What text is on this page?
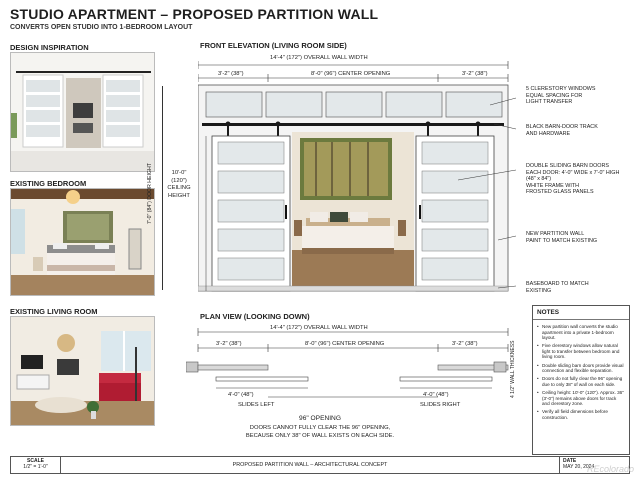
STUDIO APARTMENT – PROPOSED PARTITION WALL
CONVERTS OPEN STUDIO INTO 1-BEDROOM LAYOUT
DESIGN INSPIRATION
EXISTING BEDROOM
EXISTING LIVING ROOM
FRONT ELEVATION (LIVING ROOM SIDE)
14'-4" (172") OVERALL WALL WIDTH
3'-2" (38")	8'-0" (96") CENTER OPENING	3'-2" (38")
10'-0"
(120")
CEILING
HEIGHT
7'-0" (84") DOOR HEIGHT
5 CLERESTORY WINDOWS
EQUAL SPACING FOR
LIGHT TRANSFER
BLACK BARN-DOOR TRACK
AND HARDWARE
DOUBLE SLIDING BARN DOORS
EACH DOOR: 4'-0" WIDE x 7'-0" HIGH
(48" x 84")
WHITE FRAME WITH
FROSTED GLASS PANELS
NEW PARTITION WALL
PAINT TO MATCH EXISTING
BASEBOARD TO MATCH
EXISTING
PLAN VIEW (LOOKING DOWN)
14'-4" (172") OVERALL WALL WIDTH
3'-2" (38")	8'-0" (96") CENTER OPENING	3'-2" (38")
4'-0" (48")
SLIDES LEFT
4'-0" (48")
SLIDES RIGHT
4 1/2" WALL THICKNESS
96" OPENING
DOORS CANNOT FULLY CLEAR THE 96" OPENING,
BECAUSE ONLY 38" OF WALL EXISTS ON EACH SIDE.
NOTES
• New partition wall converts the studio apartment into a private 1-bedroom layout.
• Five clerestory windows allow natural light to transfer between bedroom and living room.
• Double sliding barn doors provide visual connection and flexible separation.
• Doors do not fully clear the 96" opening due to only 38" of wall on each side.
• Ceiling height: 10'-0" (120"). Approx. 36" (3'-0") remains above doors for track and clerestory zone.
• Verify all field dimensions before construction.
SCALE
1/2" = 1'-0"	PROPOSED PARTITION WALL – ARCHITECTURAL CONCEPT
DATE
MAY 20, 2024
REcolorado
